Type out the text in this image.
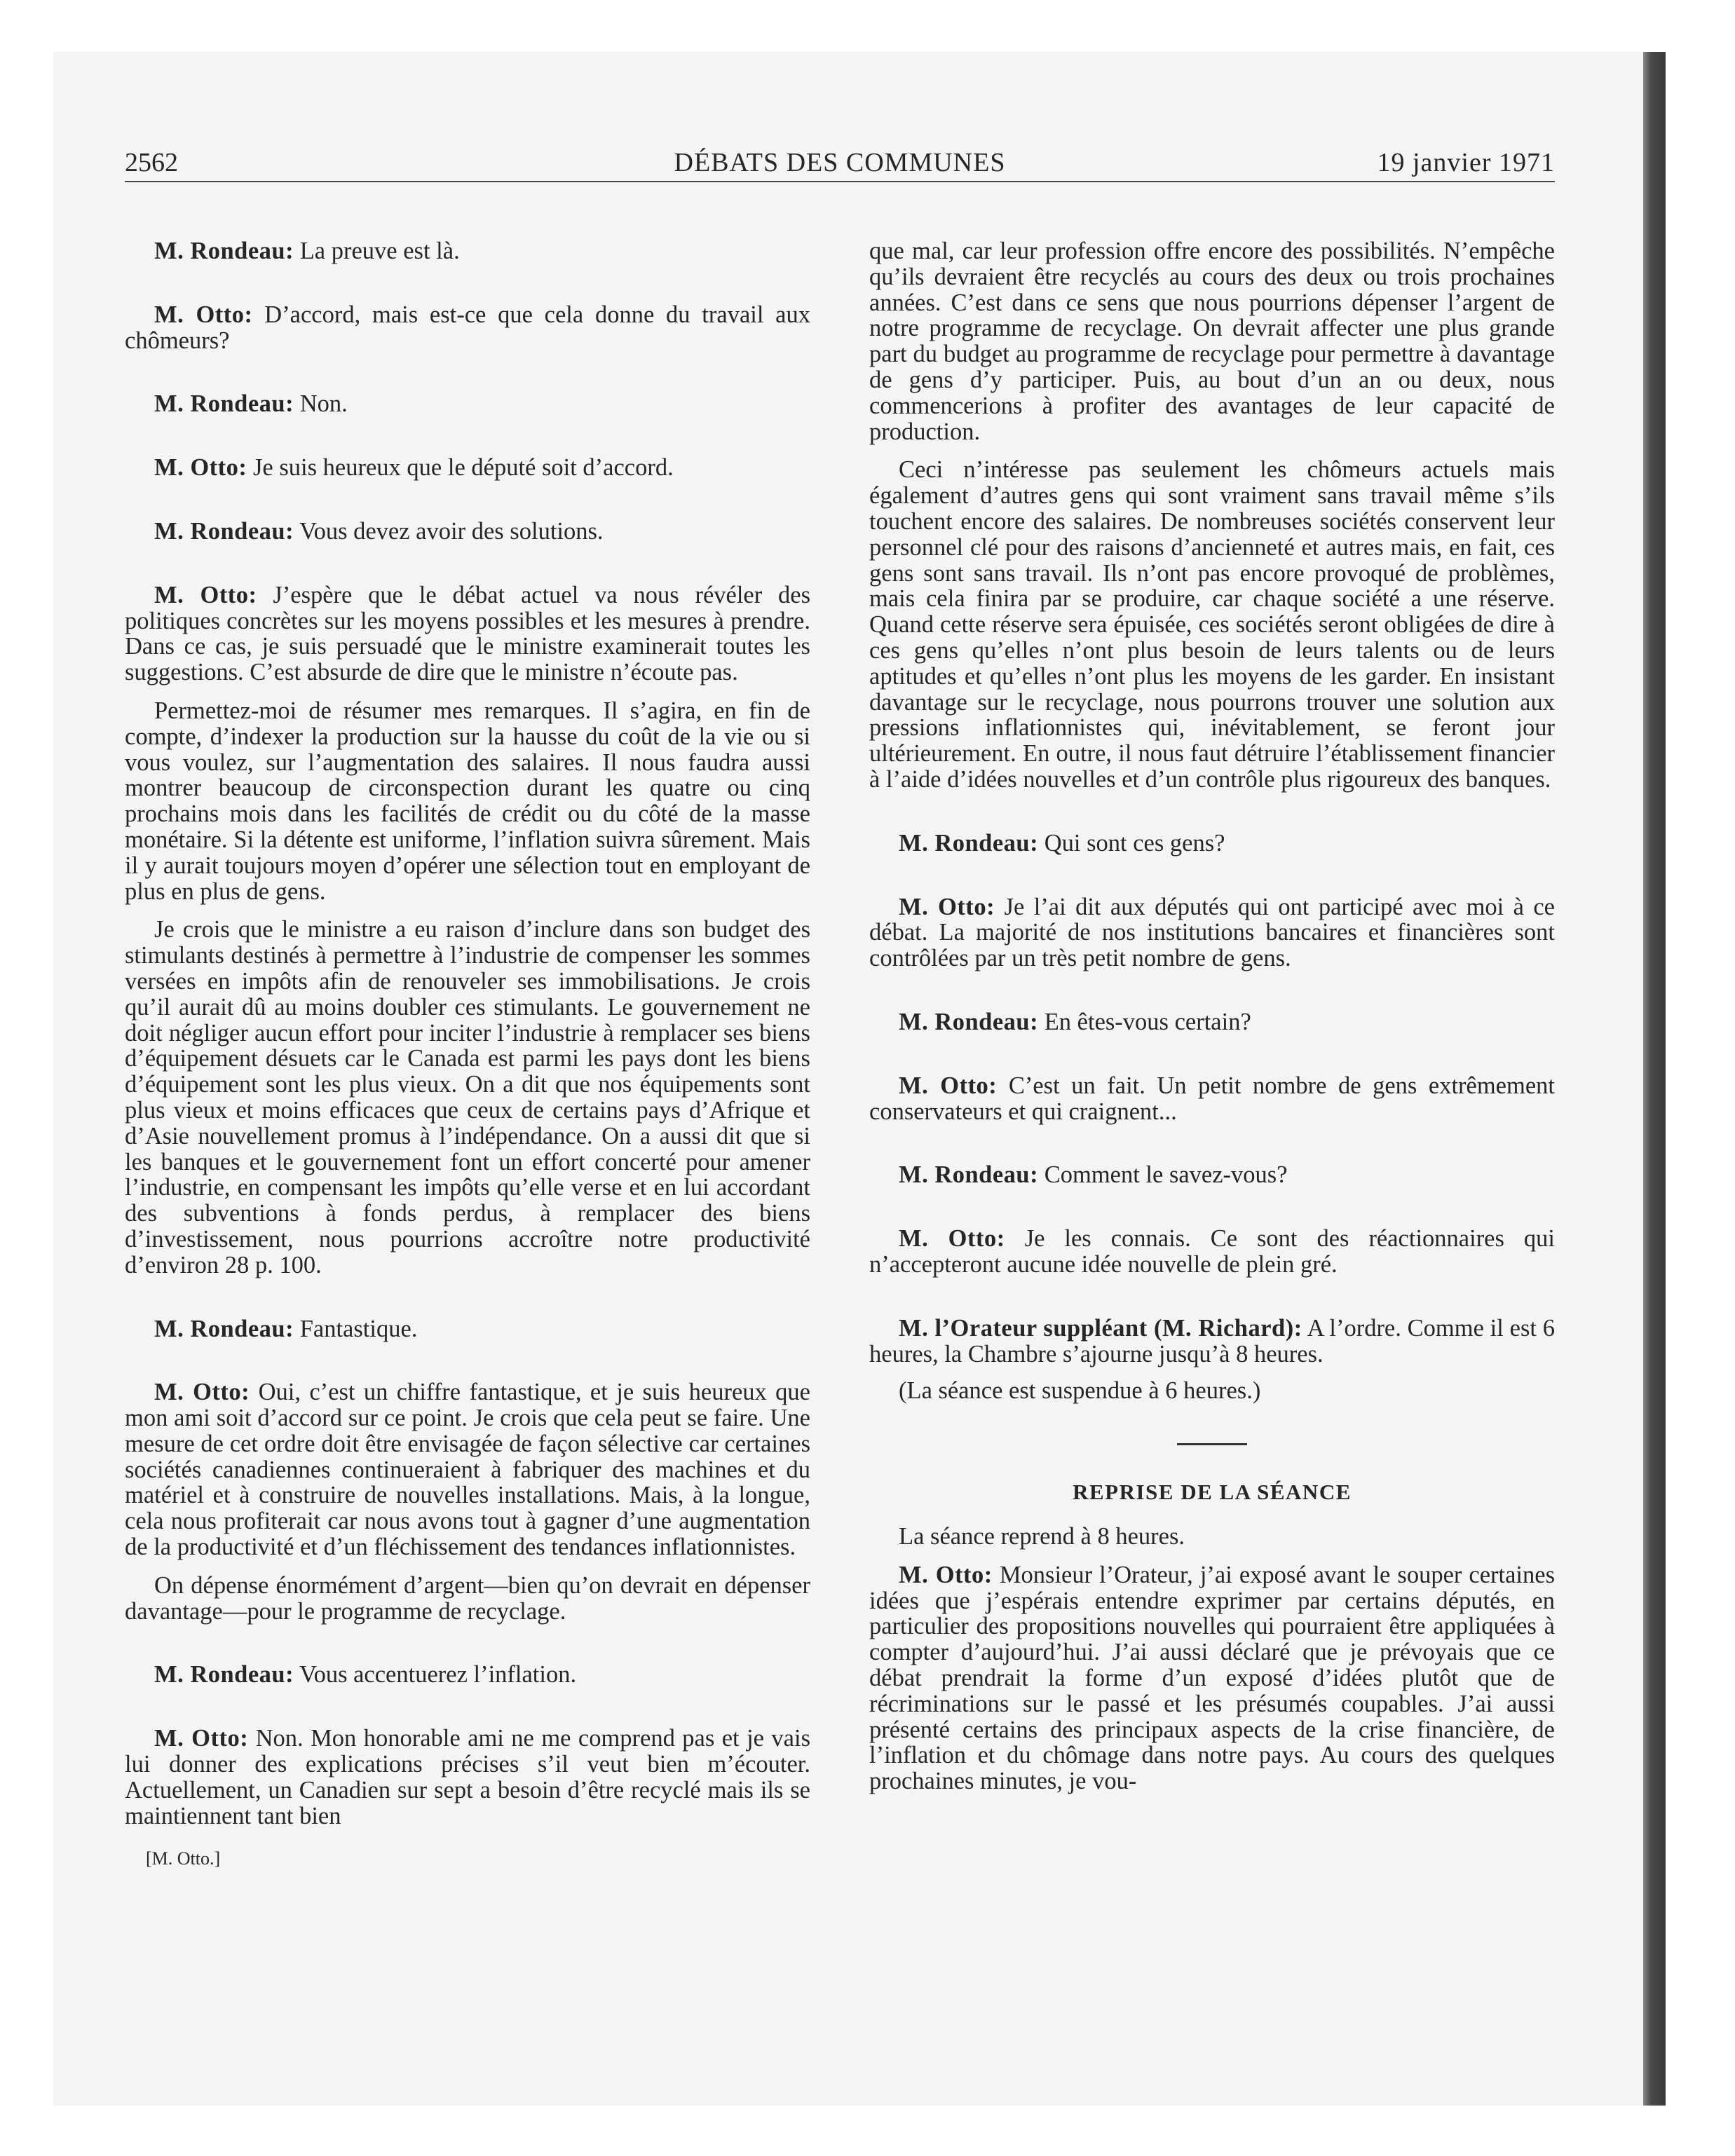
2562	DÉBATS DES COMMUNES	19 janvier 1971

M. Rondeau: La preuve est là.

M. Otto: D’accord, mais est-ce que cela donne du travail aux chômeurs?

M. Rondeau: Non.

M. Otto: Je suis heureux que le député soit d’accord.

M. Rondeau: Vous devez avoir des solutions.

M. Otto: J’espère que le débat actuel va nous révéler des politiques concrètes sur les moyens possibles et les mesures à prendre. Dans ce cas, je suis persuadé que le ministre examinerait toutes les suggestions. C’est absurde de dire que le ministre n’écoute pas.

Permettez-moi de résumer mes remarques. Il s’agira, en fin de compte, d’indexer la production sur la hausse du coût de la vie ou si vous voulez, sur l’augmentation des salaires. Il nous faudra aussi montrer beaucoup de circonspection durant les quatre ou cinq prochains mois dans les facilités de crédit ou du côté de la masse monétaire. Si la détente est uniforme, l’inflation suivra sûrement. Mais il y aurait toujours moyen d’opérer une sélection tout en employant de plus en plus de gens.

Je crois que le ministre a eu raison d’inclure dans son budget des stimulants destinés à permettre à l’industrie de compenser les sommes versées en impôts afin de renouveler ses immobilisations. Je crois qu’il aurait dû au moins doubler ces stimulants. Le gouvernement ne doit négliger aucun effort pour inciter l’industrie à remplacer ses biens d’équipement désuets car le Canada est parmi les pays dont les biens d’équipement sont les plus vieux. On a dit que nos équipements sont plus vieux et moins efficaces que ceux de certains pays d’Afrique et d’Asie nouvellement promus à l’indépendance. On a aussi dit que si les banques et le gouvernement font un effort concerté pour amener l’industrie, en compensant les impôts qu’elle verse et en lui accordant des subventions à fonds perdus, à remplacer des biens d’investissement, nous pourrions accroître notre productivité d’environ 28 p. 100.

M. Rondeau: Fantastique.

M. Otto: Oui, c’est un chiffre fantastique, et je suis heureux que mon ami soit d’accord sur ce point. Je crois que cela peut se faire. Une mesure de cet ordre doit être envisagée de façon sélective car certaines sociétés canadiennes continueraient à fabriquer des machines et du matériel et à construire de nouvelles installations. Mais, à la longue, cela nous profiterait car nous avons tout à gagner d’une augmentation de la productivité et d’un fléchissement des tendances inflationnistes.

On dépense énormément d’argent—bien qu’on devrait en dépenser davantage—pour le programme de recyclage.

M. Rondeau: Vous accentuerez l’inflation.

M. Otto: Non. Mon honorable ami ne me comprend pas et je vais lui donner des explications précises s’il veut bien m’écouter. Actuellement, un Canadien sur sept a besoin d’être recyclé mais ils se maintiennent tant bien

[M. Otto.]

que mal, car leur profession offre encore des possibilités. N’empêche qu’ils devraient être recyclés au cours des deux ou trois prochaines années. C’est dans ce sens que nous pourrions dépenser l’argent de notre programme de recyclage. On devrait affecter une plus grande part du budget au programme de recyclage pour permettre à davantage de gens d’y participer. Puis, au bout d’un an ou deux, nous commencerions à profiter des avantages de leur capacité de production.

Ceci n’intéresse pas seulement les chômeurs actuels mais également d’autres gens qui sont vraiment sans travail même s’ils touchent encore des salaires. De nombreuses sociétés conservent leur personnel clé pour des raisons d’ancienneté et autres mais, en fait, ces gens sont sans travail. Ils n’ont pas encore provoqué de problèmes, mais cela finira par se produire, car chaque société a une réserve. Quand cette réserve sera épuisée, ces sociétés seront obligées de dire à ces gens qu’elles n’ont plus besoin de leurs talents ou de leurs aptitudes et qu’elles n’ont plus les moyens de les garder. En insistant davantage sur le recyclage, nous pourrons trouver une solution aux pressions inflationnistes qui, inévitablement, se feront jour ultérieurement. En outre, il nous faut détruire l’établissement financier à l’aide d’idées nouvelles et d’un contrôle plus rigoureux des banques.

M. Rondeau: Qui sont ces gens?

M. Otto: Je l’ai dit aux députés qui ont participé avec moi à ce débat. La majorité de nos institutions bancaires et financières sont contrôlées par un très petit nombre de gens.

M. Rondeau: En êtes-vous certain?

M. Otto: C’est un fait. Un petit nombre de gens extrêmement conservateurs et qui craignent...

M. Rondeau: Comment le savez-vous?

M. Otto: Je les connais. Ce sont des réactionnaires qui n’accepteront aucune idée nouvelle de plein gré.

M. l’Orateur suppléant (M. Richard): A l’ordre. Comme il est 6 heures, la Chambre s’ajourne jusqu’à 8 heures.

(La séance est suspendue à 6 heures.)

REPRISE DE LA SÉANCE

La séance reprend à 8 heures.

M. Otto: Monsieur l’Orateur, j’ai exposé avant le souper certaines idées que j’espérais entendre exprimer par certains députés, en particulier des propositions nouvelles qui pourraient être appliquées à compter d’aujourd’hui. J’ai aussi déclaré que je prévoyais que ce débat prendrait la forme d’un exposé d’idées plutôt que de récriminations sur le passé et les présumés coupables. J’ai aussi présenté certains des principaux aspects de la crise financière, de l’inflation et du chômage dans notre pays. Au cours des quelques prochaines minutes, je vou-
